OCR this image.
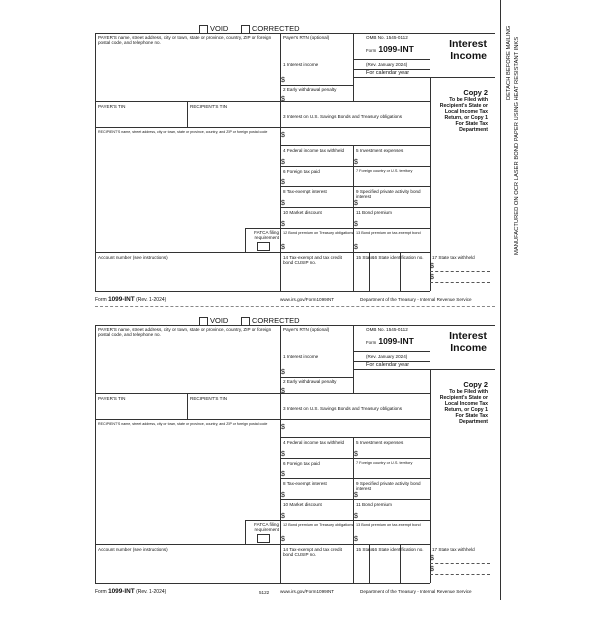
VOID	CORRECTED
PAYER'S name, street address, city or town, state or province, country, ZIP or foreign postal code, and telephone no.
Payer's RTN (optional)	OMB No. 1545-0112
Form 1099-INT
(Rev. January 2024)
For calendar year
Interest
Income
1 Interest income
$
2 Early withdrawal penalty
$
Copy 2
To be Filed with
Recipient's State or
Local Income Tax
Return, or Copy 1
For State Tax
Department
PAYER'S TIN	RECIPIENT'S TIN
3 Interest on U.S. Savings Bonds and Treasury obligations
$
RECIPIENT'S name, street address, city or town, state or province, country, and ZIP or foreign postal code
4 Federal income tax withheld
$
5 Investment expenses
$
6 Foreign tax paid
$
7 Foreign country or U.S. territory
8 Tax-exempt interest
$
9 Specified private activity bond interest
$
10 Market discount
$
11 Bond premium
$
FATCA filing requirement
12 Bond premium on Treasury obligations
$
13 Bond premium on tax-exempt bond
$
Account number (see instructions)	14 Tax-exempt and tax credit bond CUSIP no.
15 State
16 State identification no. 17 State tax withheld
$
$
Form 1099-INT (Rev. 1-2024)	www.irs.gov/Form1099INT	Department of the Treasury - Internal Revenue Service
VOID	CORRECTED
PAYER'S name, street address, city or town, state or province, country, ZIP or foreign postal code, and telephone no.
Payer's RTN (optional)	OMB No. 1545-0112
Form 1099-INT
(Rev. January 2024)
For calendar year
Interest
Income
1 Interest income
$
2 Early withdrawal penalty
$
Copy 2
To be Filed with
Recipient's State or
Local Income Tax
Return, or Copy 1
For State Tax
Department
PAYER'S TIN	RECIPIENT'S TIN
3 Interest on U.S. Savings Bonds and Treasury obligations
$
RECIPIENT'S name, street address, city or town, state or province, country, and ZIP or foreign postal code
4 Federal income tax withheld
$
5 Investment expenses
$
6 Foreign tax paid
$
7 Foreign country or U.S. territory
8 Tax-exempt interest
$
9 Specified private activity bond interest
$
10 Market discount
$
11 Bond premium
$
FATCA filing requirement
12 Bond premium on Treasury obligations
$
13 Bond premium on tax-exempt bond
$
Account number (see instructions)	14 Tax-exempt and tax credit bond CUSIP no.
15 State
16 State identification no. 17 State tax withheld
$
$
Form 1099-INT (Rev. 1-2024)	www.irs.gov/Form1099INT	Department of the Treasury - Internal Revenue Service
DETACH BEFORE MAILING MANUFACTURED ON OCR LASER BOND PAPER USING HEAT RESISTANT INKS
5122
